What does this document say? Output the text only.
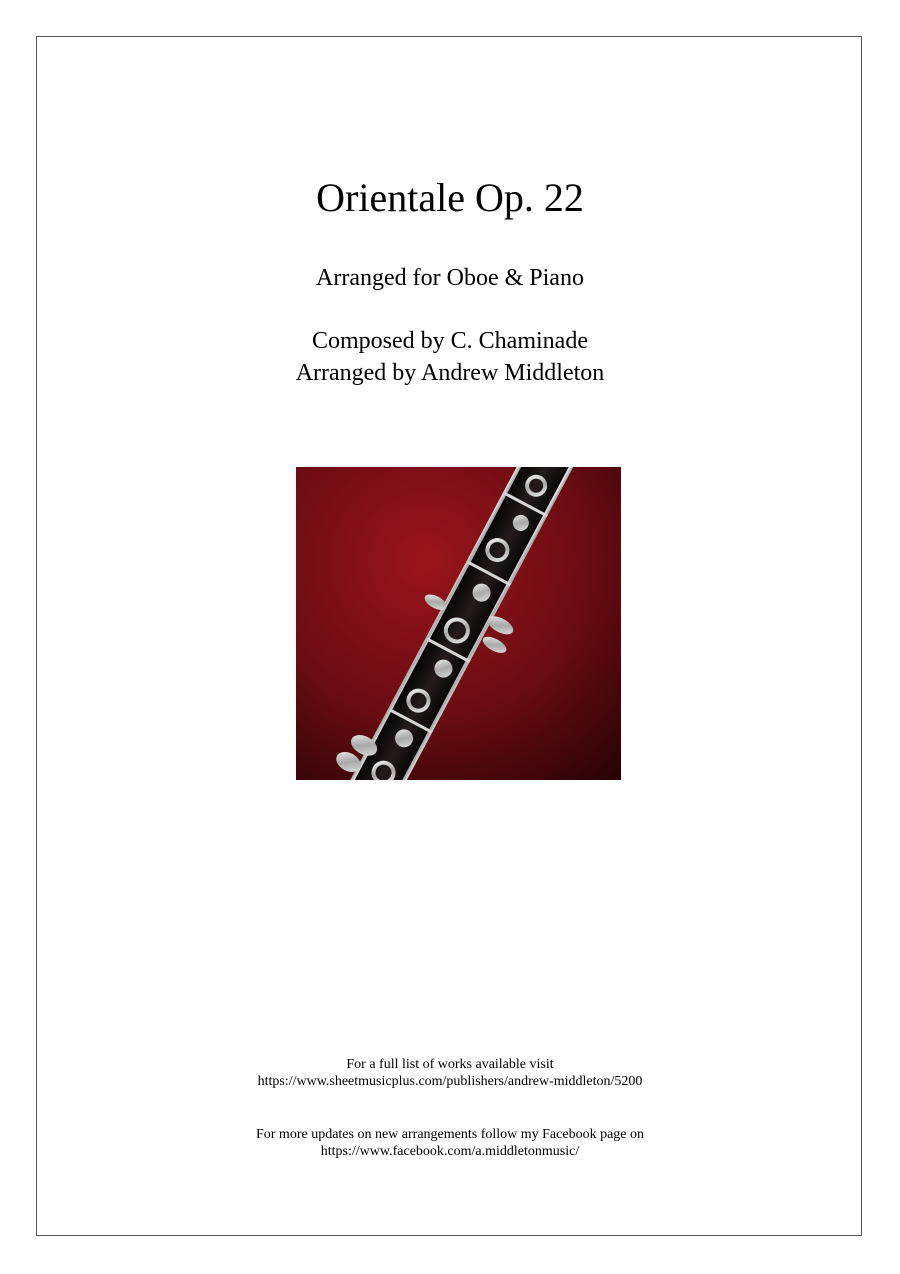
Orientale Op. 22
Arranged for Oboe & Piano
Composed by C. Chaminade
Arranged by Andrew Middleton
For a full list of works available visit
https://www.sheetmusicplus.com/publishers/andrew-middleton/5200
For more updates on new arrangements follow my Facebook page on
https://www.facebook.com/a.middletonmusic/
